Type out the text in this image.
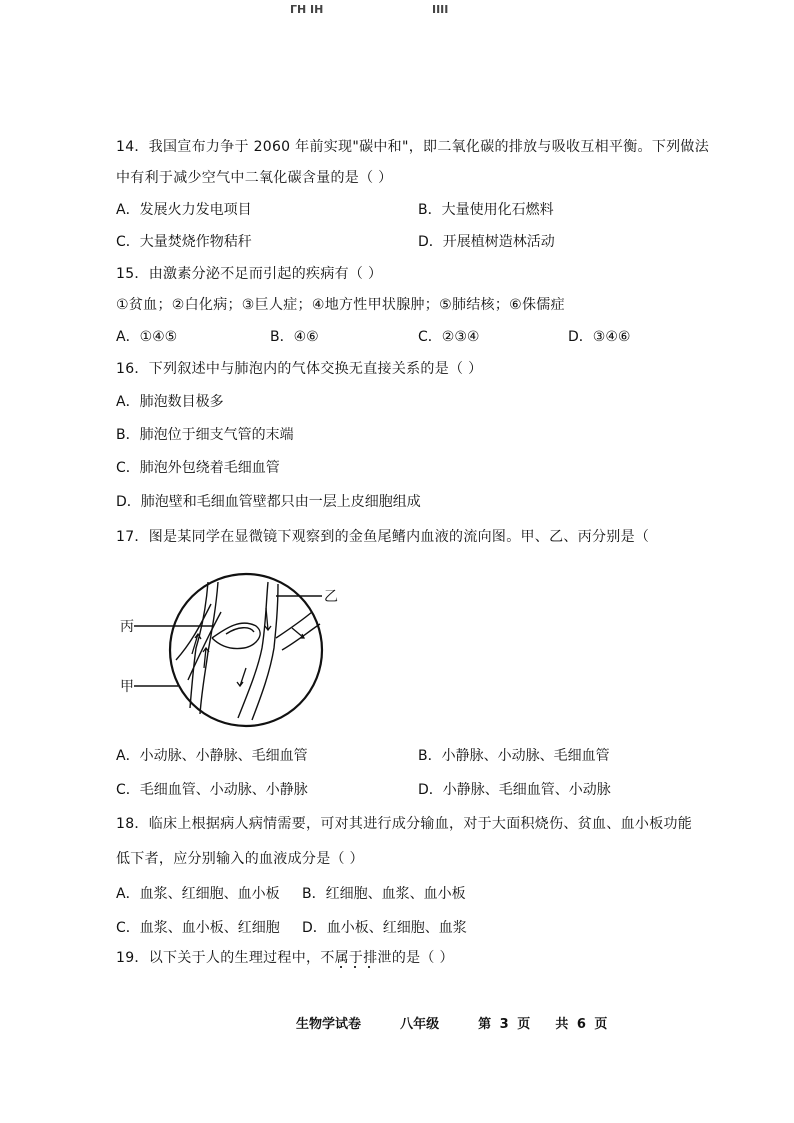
ΓΗ ΙΗ	ΙΙΙΙ
14．我国宣布力争于 2060 年前实现"碳中和"，即二氧化碳的排放与吸收互相平衡。下列做法
中有利于减少空气中二氧化碳含量的是（ ）
A．发展火力发电项目	B．大量使用化石燃料
C．大量焚烧作物秸秆	D．开展植树造林活动
15．由激素分泌不足而引起的疾病有（ ）
①贫血；②白化病；③巨人症；④地方性甲状腺肿；⑤肺结核；⑥侏儒症
A．①④⑤	B．④⑥	C．②③④	D．③④⑥
16．下列叙述中与肺泡内的气体交换无直接关系的是（ ）
A．肺泡数目极多
B．肺泡位于细支气管的末端
C．肺泡外包绕着毛细血管
D．肺泡壁和毛细血管壁都只由一层上皮细胞组成
17．图是某同学在显微镜下观察到的金鱼尾鳍内血液的流向图。甲、乙、丙分别是（
丙
甲
乙
A．小动脉、小静脉、毛细血管	B．小静脉、小动脉、毛细血管
C．毛细血管、小动脉、小静脉	D．小静脉、毛细血管、小动脉
18．临床上根据病人病情需要，可对其进行成分输血，对于大面积烧伤、贫血、血小板功能
低下者，应分别输入的血液成分是（ ）
A．血浆、红细胞、血小板 B．红细胞、血浆、血小板
C．血浆、血小板、红细胞 D．血小板、红细胞、血浆
19．以下关于人的生理过程中，不属于排泄的是（ ）
生物学试卷	八年级	第 3 页 共 6 页
